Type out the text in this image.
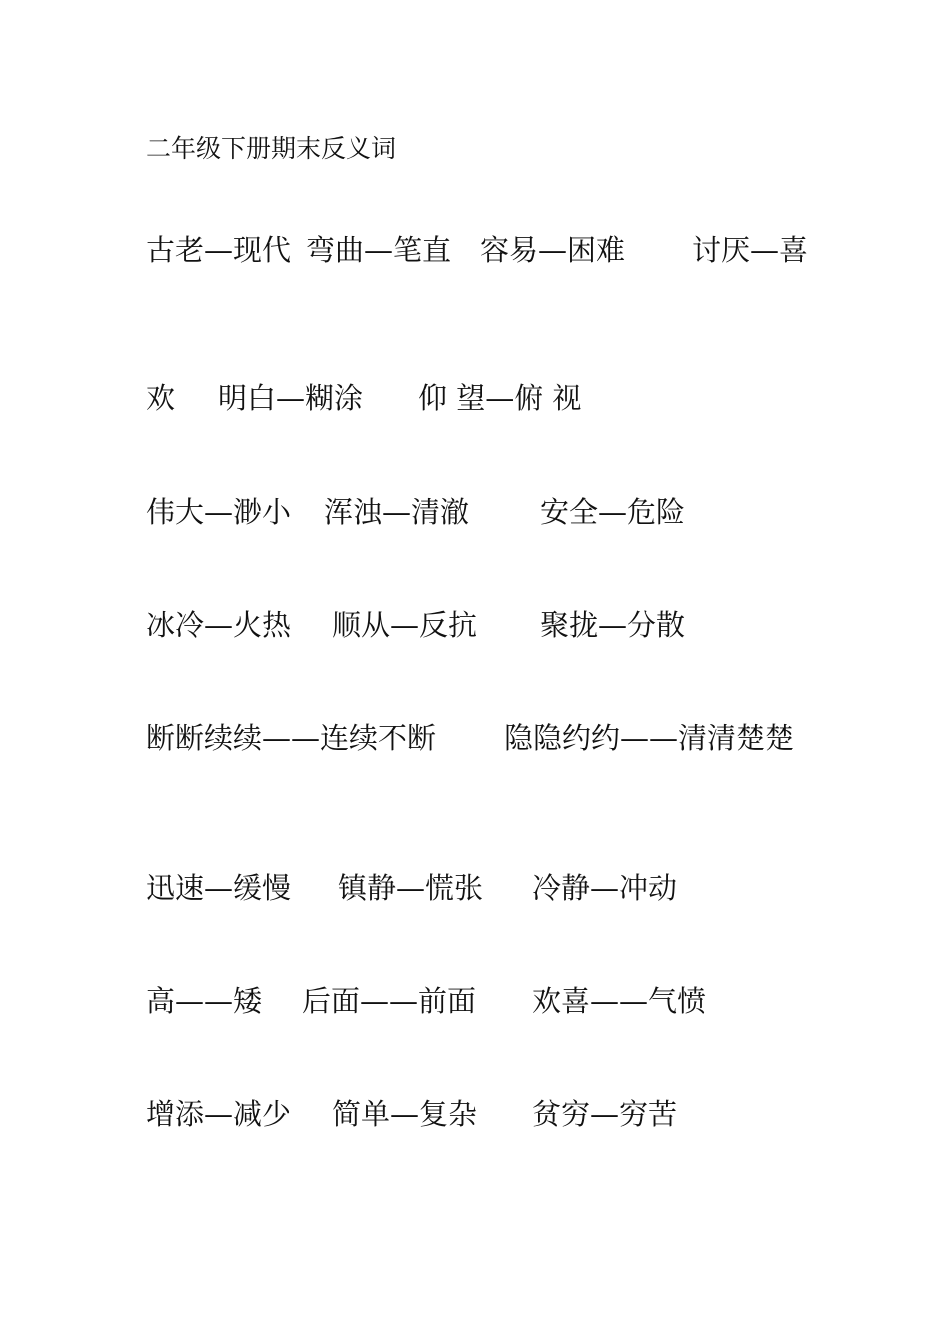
二年级下册期末反义词
古老—现代 弯曲—笔直 容易—困难 讨厌—喜
欢 明白—糊涂 仰 望—俯 视
伟大—渺小 浑浊—清澈 安全—危险
冰冷—火热 顺从—反抗 聚拢—分散
断断续续——连续不断 隐隐约约——清清楚楚
迅速—缓慢 镇静—慌张 冷静—冲动
高——矮 后面——前面 欢喜——气愤
增添—减少 简单—复杂 贫穷—穷苦
